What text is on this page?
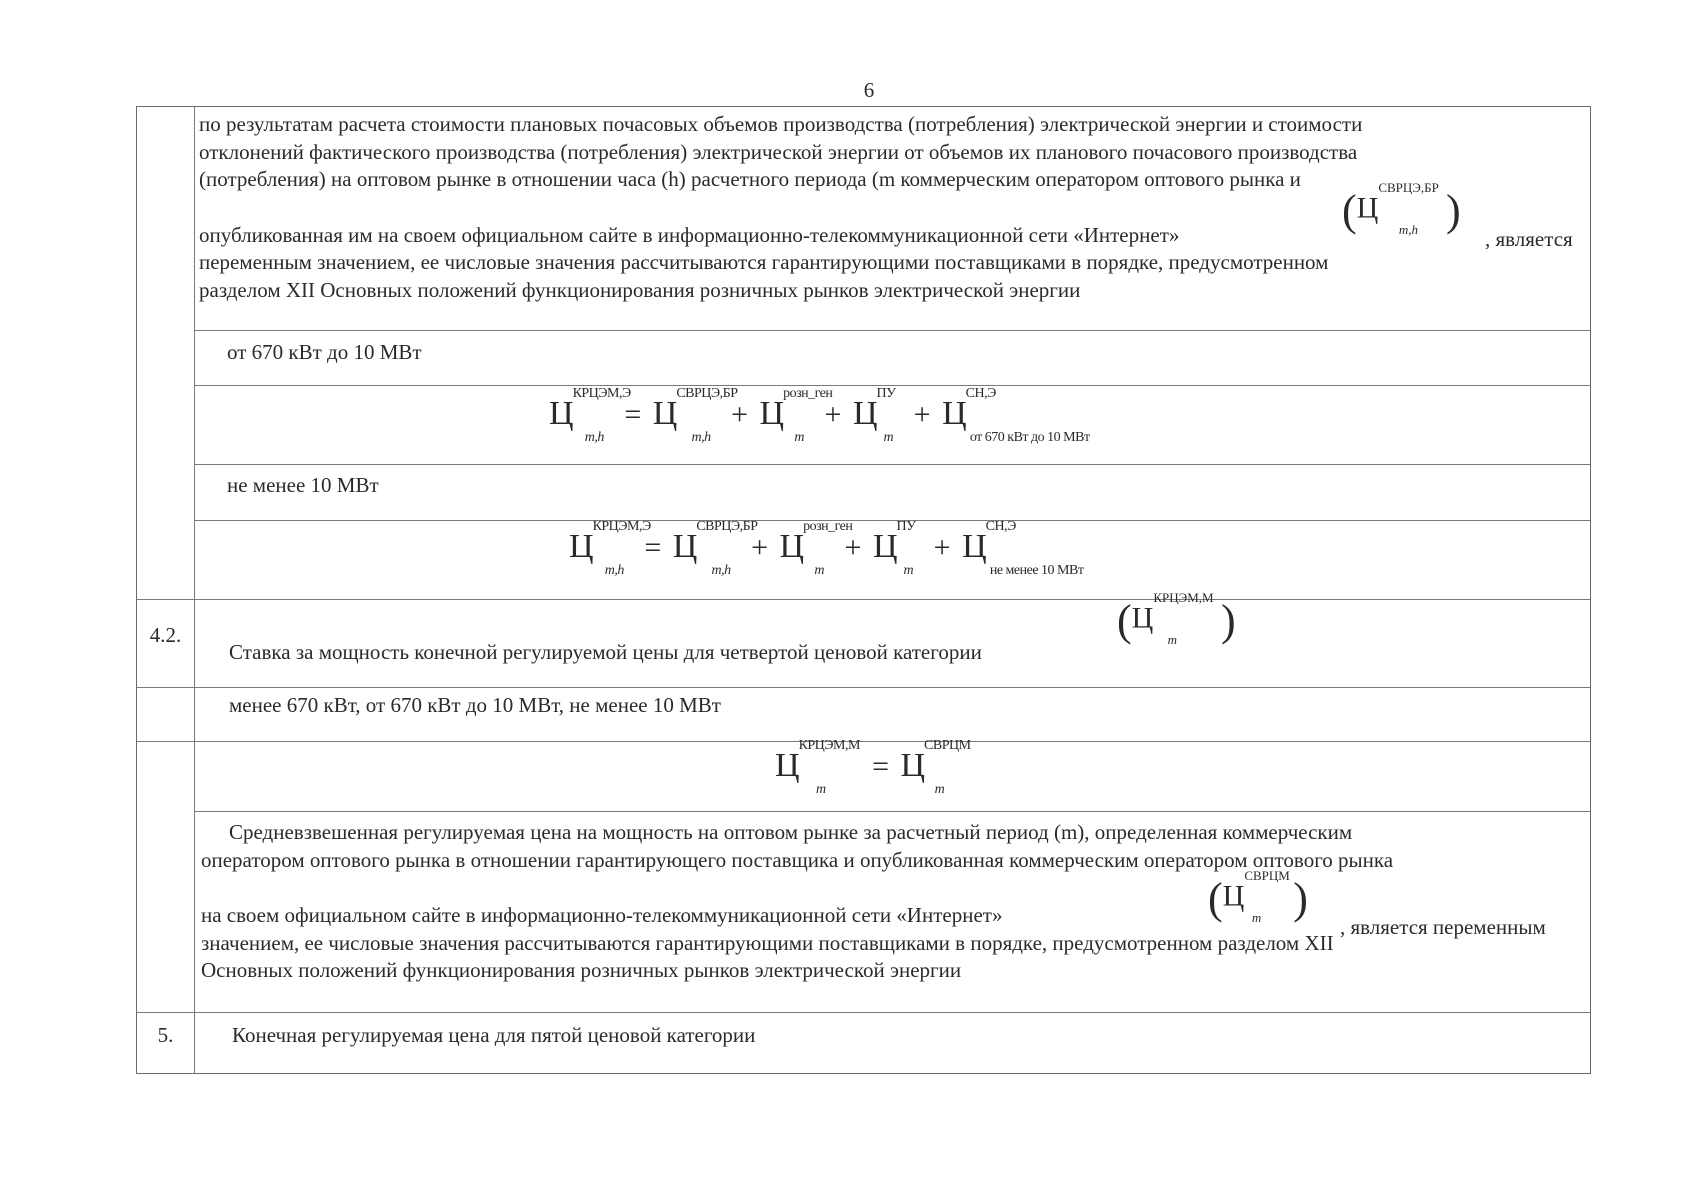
6
по результатам расчета стоимости плановых почасовых объемов производства (потребления) электрической энергии и стоимости
отклонений фактического производства (потребления) электрической энергии от объемов их планового почасового производства
(потребления) на оптовом рынке в отношении часа (h) расчетного периода (m коммерческим оператором оптового рынка и
опубликованная им на своем официальном сайте в информационно-телекоммуникационной сети «Интернет»
переменным значением, ее числовые значения рассчитываются гарантирующими поставщиками в порядке, предусмотренном
разделом XII Основных положений функционирования розничных рынков электрической энергии
, является
($Ц^{СВРЦЭ,БР}_{m,h}$ )
от 670 кВт до 10 МВт
$Ц^{КРЦЭМ,Э}_{m,h} = Ц^{СВРЦЭ,БР}_{m,h} + Ц^{розн\_ген}_m + Ц^{ПУ}_m + Ц^{СН,Э}_{от 670 кВт до 10 МВт}$
не менее 10 МВт
$Ц^{КРЦЭМ,Э}_{m,h} = Ц^{СВРЦЭ,БР}_{m,h} + Ц^{розн\_ген}_m + Ц^{ПУ}_m + Ц^{СН,Э}_{не менее 10 МВт}$
4.2.
Ставка за мощность конечной регулируемой цены для четвертой ценовой категории
($Ц^{КРЦЭМ,М}_m$ )
менее 670 кВт, от 670 кВт до 10 МВт, не менее 10 МВт
$Ц^{КРЦЭМ,М}_m = Ц^{СВРЦМ}_m$
Средневзвешенная регулируемая цена на мощность на оптовом рынке за расчетный период (m), определенная коммерческим
оператором оптового рынка в отношении гарантирующего поставщика и опубликованная коммерческим оператором оптового рынка
на своем официальном сайте в информационно-телекоммуникационной сети «Интернет»
значением, ее числовые значения рассчитываются гарантирующими поставщиками в порядке, предусмотренном разделом XII
Основных положений функционирования розничных рынков электрической энергии
, является переменным
($Ц^{СВРЦМ}_m$ )
5.	Конечная регулируемая цена для пятой ценовой категории
